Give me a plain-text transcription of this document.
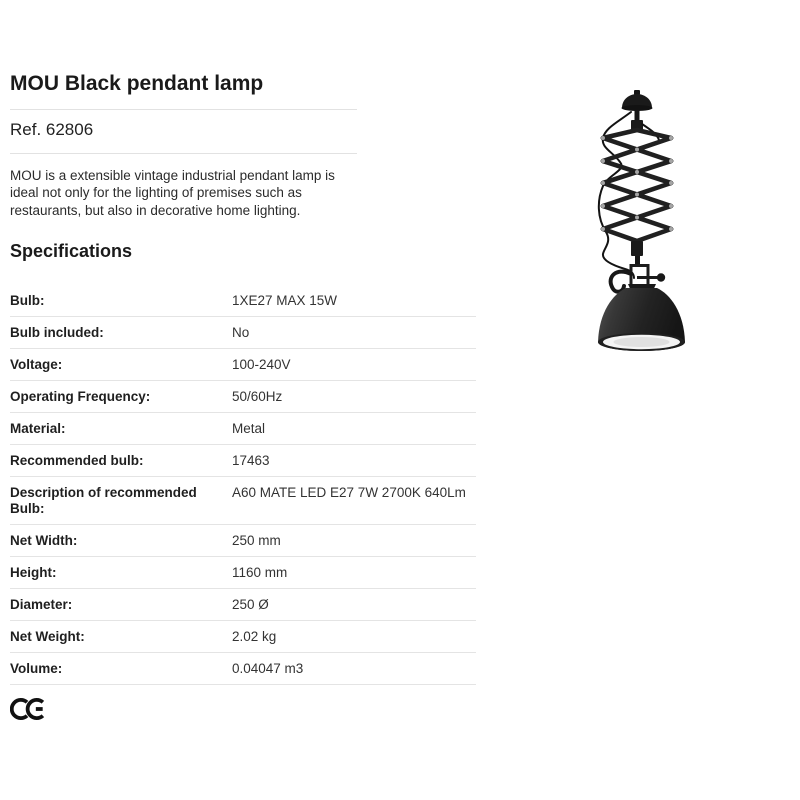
MOU Black pendant lamp

Ref. 62806

MOU is a extensible vintage industrial pendant lamp is ideal not only for the lighting of premises such as restaurants, but also in decorative home lighting.

Specifications
Bulb:	1XE27 MAX 15W
Bulb included:	No
Voltage:	100-240V
Operating Frequency:	50/60Hz
Material:	Metal
Recommended bulb:	17463
Description of recommended Bulb:
A60 MATE LED E27 7W 2700K 640Lm
Net Width:	250 mm
Height:	1160 mm
Diameter:	250 Ø
Net Weight:	2.02 kg
Volume:	0.04047 m3
